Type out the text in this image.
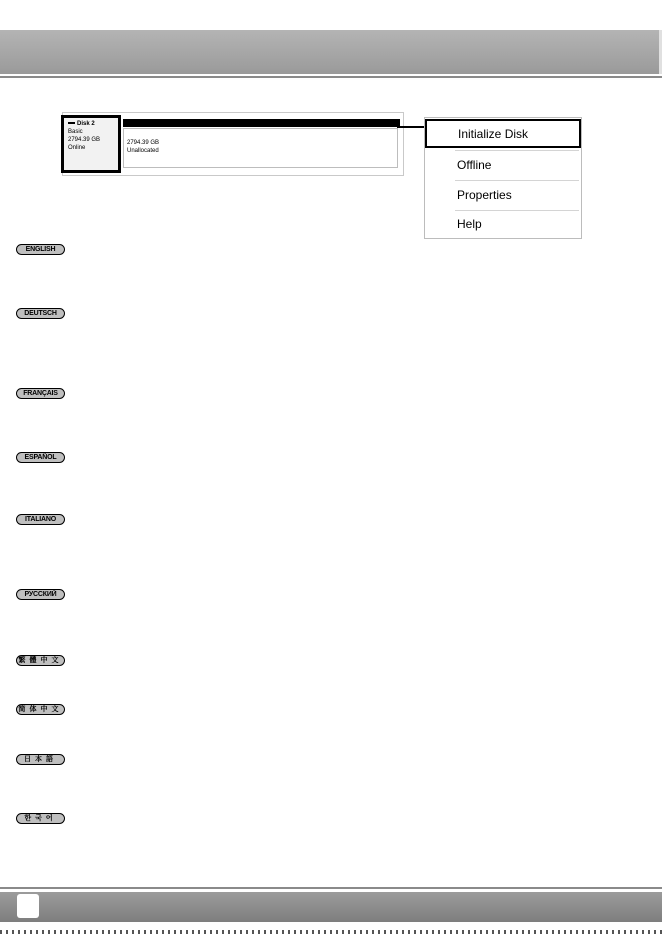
Disk 2
Basic
2794.39 GB
Online
2794.39 GB
Unallocated
Initialize Disk
Offline
Properties
Help
ENGLISH
DEUTSCH
FRANÇAIS
ESPAÑOL
ITALIANO
РУССКИЙ
繁體中文
简体中文
日本語
한국어
